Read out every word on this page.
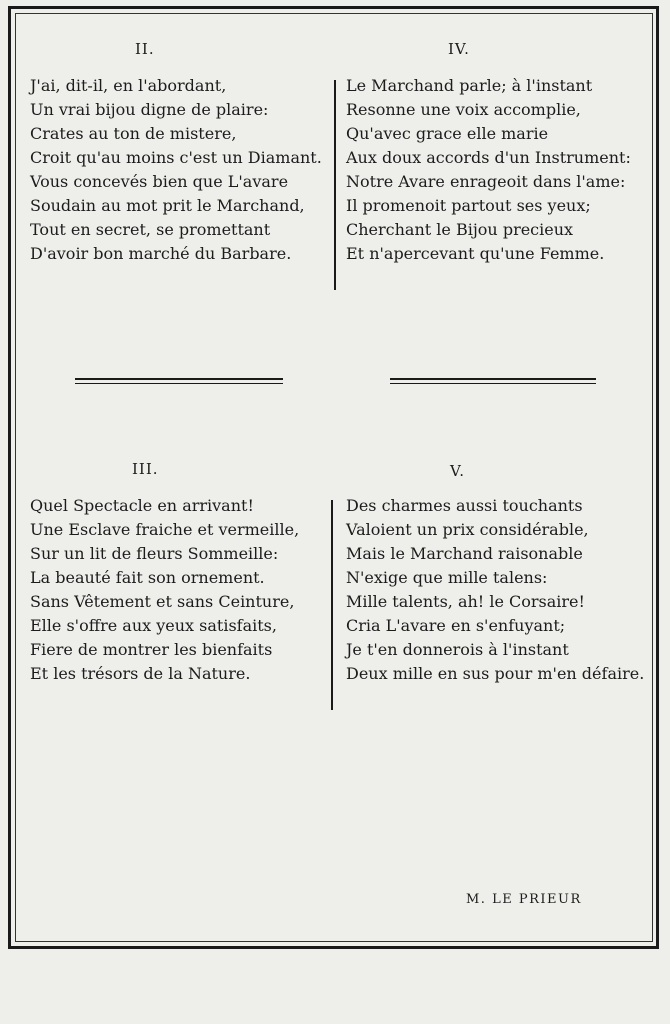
II.
J'ai, dit-il, en l'abordant,
Un vrai bijou digne de plaire:
Crates au ton de mistere,
Croit qu'au moins c'est un Diamant.
Vous concevés bien que L'avare
Soudain au mot prit le Marchand,
Tout en secret, se promettant
D'avoir bon marché du Barbare.
IV.
Le Marchand parle; à l'instant
Resonne une voix accomplie,
Qu'avec grace elle marie
Aux doux accords d'un Instrument:
Notre Avare enrageoit dans l'ame:
Il promenoit partout ses yeux;
Cherchant le Bijou precieux
Et n'apercevant qu'une Femme.
III.
Quel Spectacle en arrivant!
Une Esclave fraiche et vermeille,
Sur un lit de fleurs Sommeille:
La beauté fait son ornement.
Sans Vêtement et sans Ceinture,
Elle s'offre aux yeux satisfaits,
Fiere de montrer les bienfaits
Et les trésors de la Nature.
V.
Des charmes aussi touchants
Valoient un prix considérable,
Mais le Marchand raisonable
N'exige que mille talens:
Mille talents, ah! le Corsaire!
Cria L'avare en s'enfuyant;
Je t'en donnerois à l'instant
Deux mille en sus pour m'en défaire.
M. LE PRIEUR
